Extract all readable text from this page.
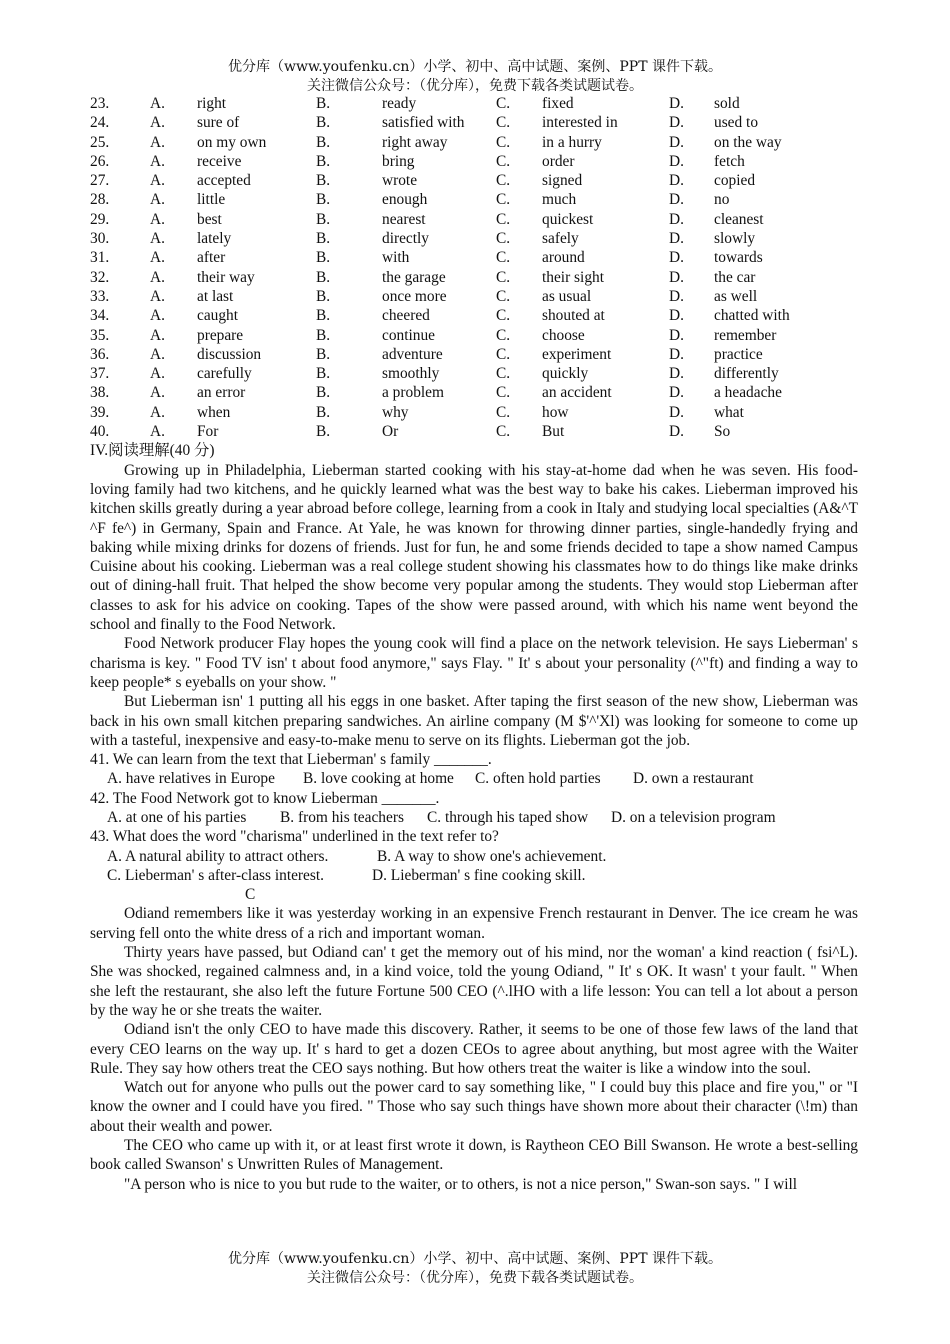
优分库（www.youfenku.cn）小学、初中、高中试题、案例、PPT 课件下载。
关注微信公众号：（优分库），免费下载各类试题试卷。
23.	A. right	B.	ready	C. fixed	D. sold
24.	A. sure of	B.	satisfied with C. interested in	D. used to
25.	A. on my own	B.	right away	C. in a hurry	D. on the way
26.	A. receive	B.	bring	C. order	D. fetch
27.	A. accepted	B.	wrote	C. signed	D. copied
28.	A. little	B.	enough	C. much	D. no
29.	A. best	B.	nearest	C. quickest	D. cleanest
30.	A. lately	B.	directly	C. safely	D. slowly
31.	A. after	B.	with	C. around	D. towards
32.	A. their way	B.	the garage	C. their sight	D. the car
33.	A. at last	B.	once more	C. as usual	D. as well
34.	A. caught	B.	cheered	C. shouted at	D. chatted with
35.	A. prepare	B.	continue	C. choose	D. remember
36.	A. discussion	B.	adventure	C. experiment	D. practice
37.	A. carefully	B.	smoothly	C. quickly	D. differently
38.	A. an error	B.	a problem	C. an accident	D. a headache
39.	A. when	B.	why	C. how	D. what
40.	A. For	B.	Or	C. But	D. So

IV.阅读理解(40 分)

Growing up in Philadelphia, Lieberman started cooking with his stay-at-home dad when he was seven. His food-loving family had two kitchens, and he quickly learned what was the best way to bake his cakes. Lieberman improved his kitchen skills greatly during a year abroad before college, learning from a cook in Italy and studying local specialties (A&^T ^F fe^) in Germany, Spain and France. At Yale, he was known for throwing dinner parties, single-handedly frying and baking while mixing drinks for dozens of friends. Just for fun, he and some friends decided to tape a show named Campus Cuisine about his cooking. Lieberman was a real college student showing his classmates how to do things like make drinks out of dining-hall fruit. That helped the show become very popular among the students. They would stop Lieberman after classes to ask for his advice on cooking. Tapes of the show were passed around, with which his name went beyond the school and finally to the Food Network.

Food Network producer Flay hopes the young cook will find a place on the network television. He says Lieberman' s charisma is key. " Food TV isn' t about food anymore," says Flay. " It' s about your personality (^"ft) and finding a way to keep people* s eyeballs on your show. "

But Lieberman isn' 1 putting all his eggs in one basket. After taping the first season of the new show, Lieberman was back in his own small kitchen preparing sandwiches. An airline company (M $'^'Xl) was looking for someone to come up with a tasteful, inexpensive and easy-to-make menu to serve on its flights. Lieberman got the job.

41. We can learn from the text that Lieberman' s family _______.

A. have relatives in Europe B. love cooking at home C. often hold parties D. own a restaurant

42. The Food Network got to know Lieberman _______.

A. at one of his parties B. from his teachers C. through his taped show D. on a television program

43. What does the word "charisma" underlined in the text refer to?

A. A natural ability to attract others.	B. A way to show one's achievement.

C. Lieberman' s after-class interest.	D. Lieberman' s fine cooking skill.

C

Odiand remembers like it was yesterday working in an expensive French restaurant in Denver. The ice cream he was serving fell onto the white dress of a rich and important woman.

Thirty years have passed, but Odiand can' t get the memory out of his mind, nor the woman' a kind reaction ( fsi^L). She was shocked, regained calmness and, in a kind voice, told the young Odiand, " It' s OK. It wasn' t your fault. " When she left the restaurant, she also left the future Fortune 500 CEO (^.lHO with a life lesson: You can tell a lot about a person by the way he or she treats the waiter.

Odiand isn't the only CEO to have made this discovery. Rather, it seems to be one of those few laws of the land that every CEO learns on the way up. It' s hard to get a dozen CEOs to agree about anything, but most agree with the Waiter Rule. They say how others treat the CEO says nothing. But how others treat the waiter is like a window into the soul.

Watch out for anyone who pulls out the power card to say something like, " I could buy this place and fire you," or "I know the owner and I could have you fired. " Those who say such things have shown more about their character (\!m) than about their wealth and power.

The CEO who came up with it, or at least first wrote it down, is Raytheon CEO Bill Swanson. He wrote a best-selling book called Swanson' s Unwritten Rules of Management.

"A person who is nice to you but rude to the waiter, or to others, is not a nice person," Swan-son says. " I will

优分库（www.youfenku.cn）小学、初中、高中试题、案例、PPT 课件下载。
关注微信公众号：（优分库），免费下载各类试题试卷。
